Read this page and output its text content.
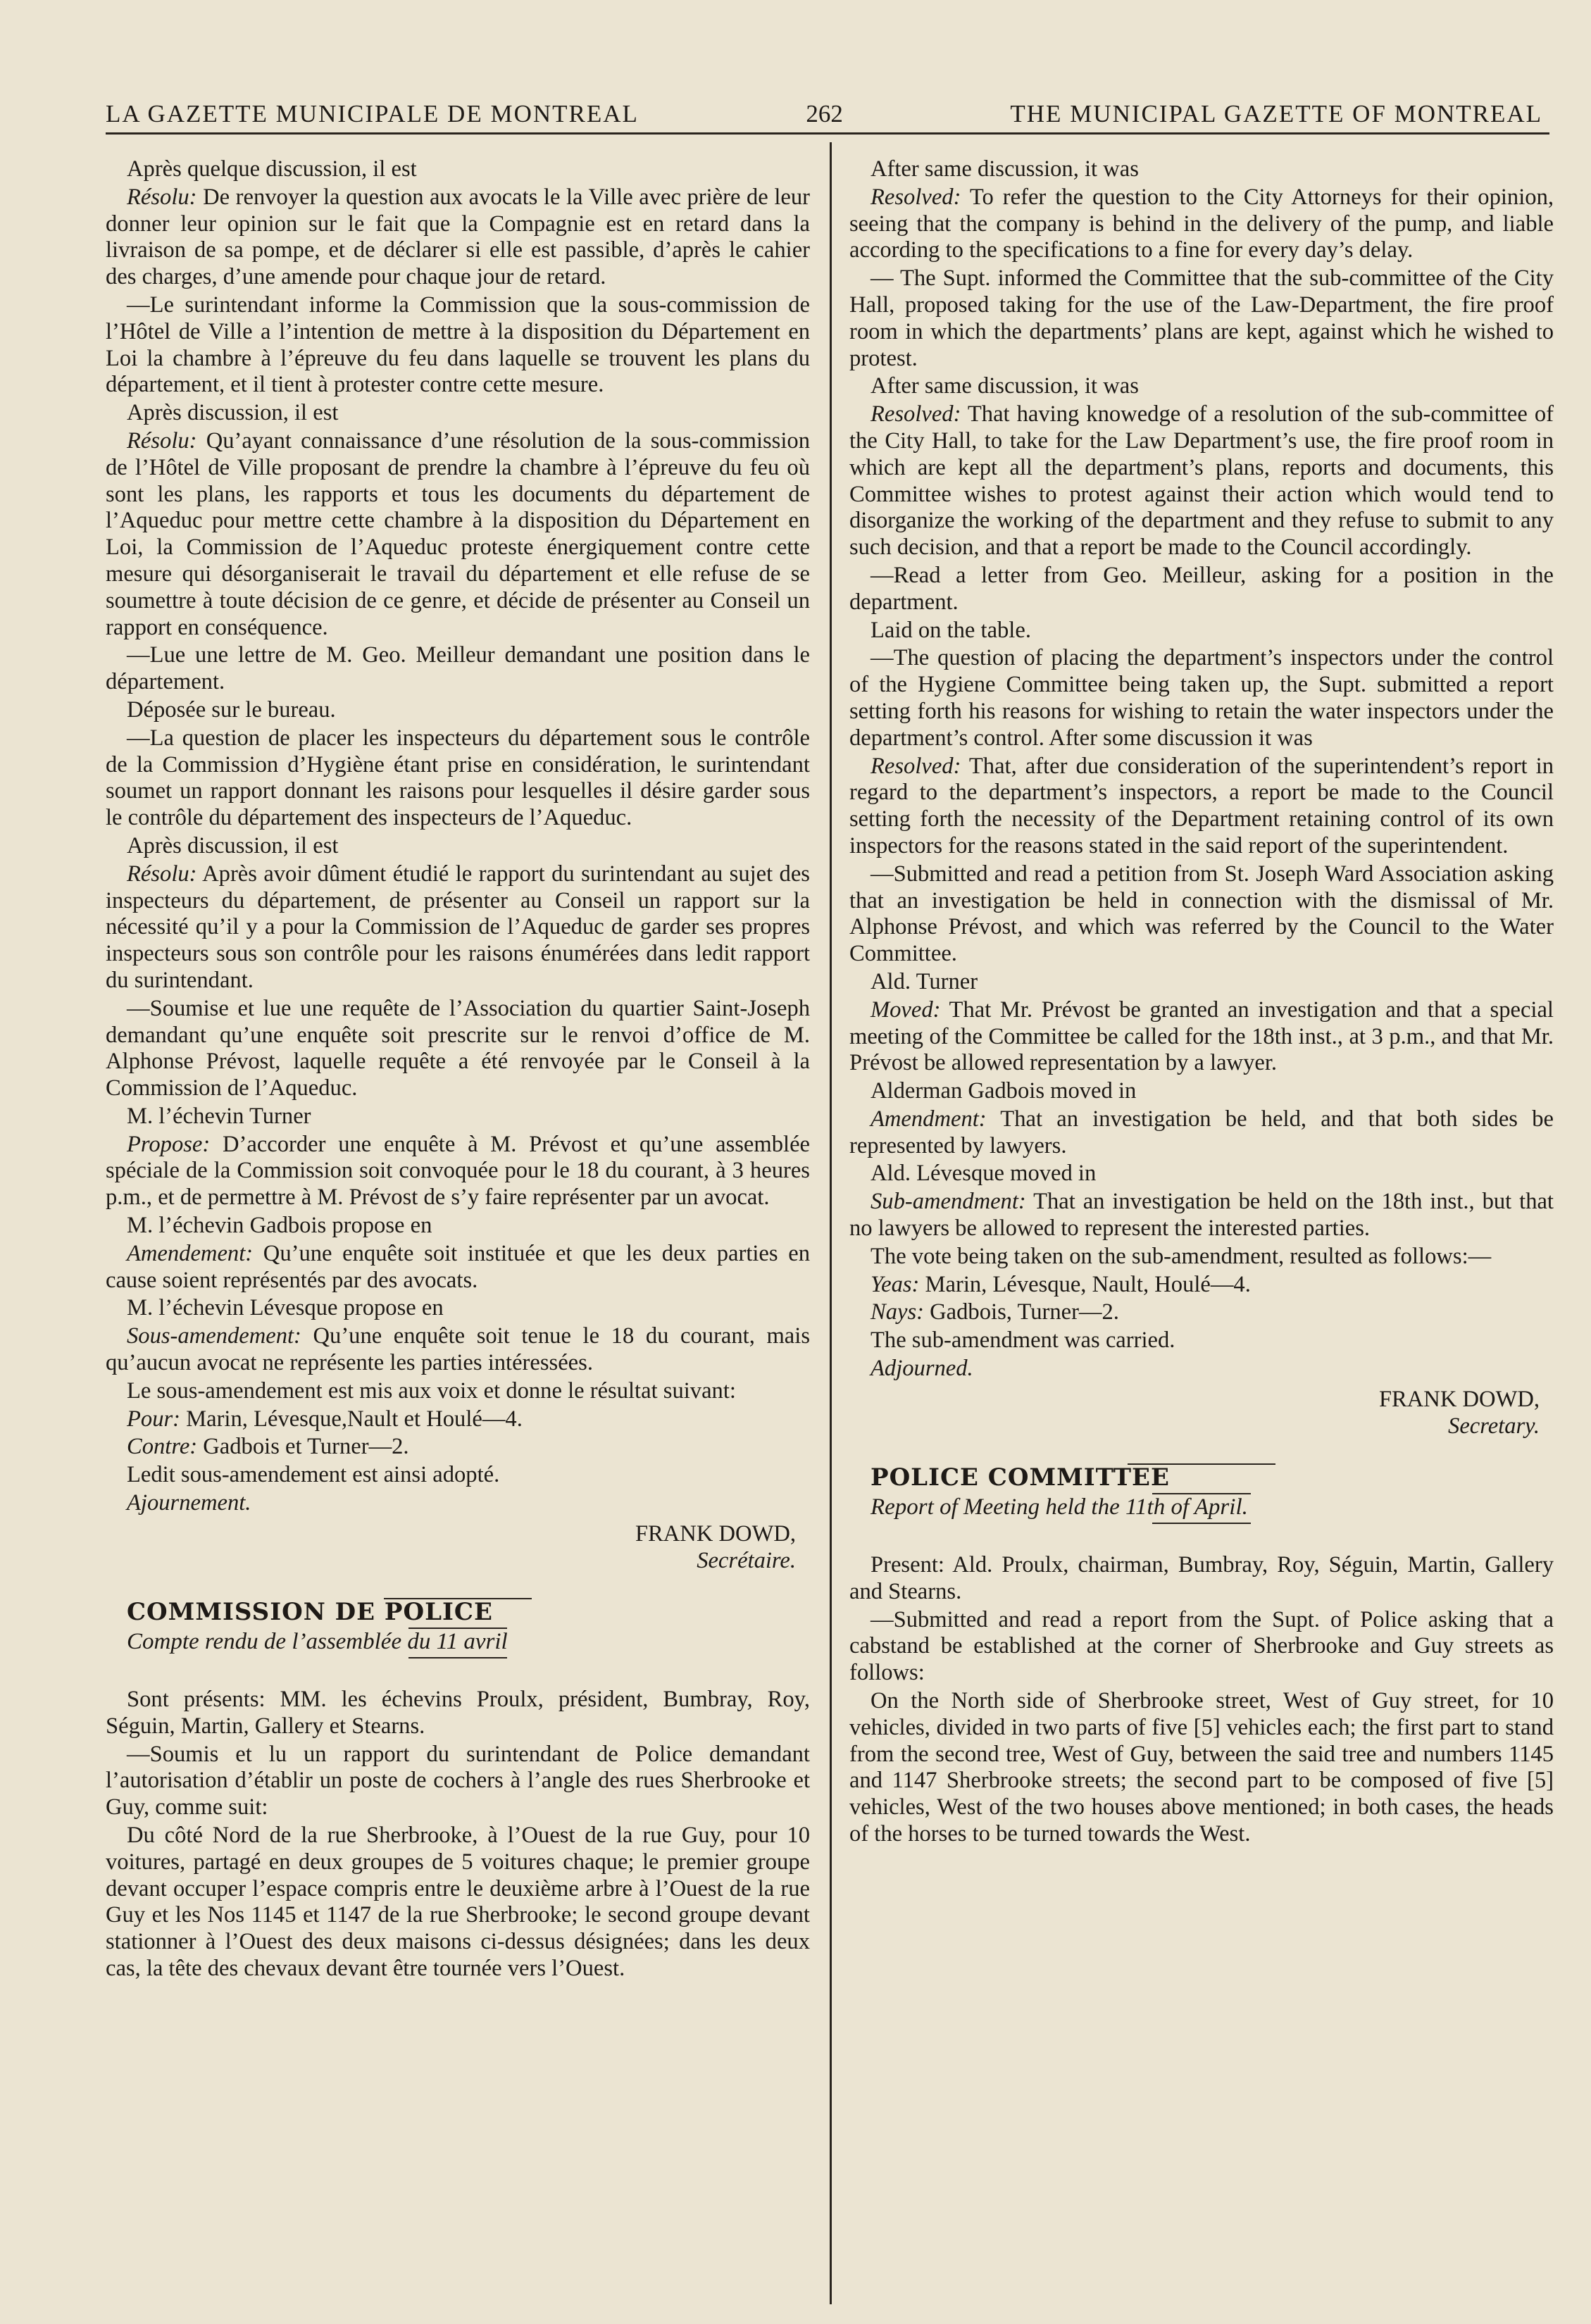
LA GAZETTE MUNICIPALE DE MONTREAL	262	THE MUNICIPAL GAZETTE OF MONTREAL

Après quelque discussion, il est

Résolu: De renvoyer la question aux avocats le la Ville avec prière de leur donner leur opinion sur le fait que la Compagnie est en retard dans la livraison de sa pompe, et de déclarer si elle est passible, d’après le cahier des charges, d’une amende pour chaque jour de retard.

—Le surintendant informe la Commission que la sous-commission de l’Hôtel de Ville a l’intention de mettre à la disposition du Département en Loi la chambre à l’épreuve du feu dans laquelle se trouvent les plans du département, et il tient à protester contre cette mesure.

Après discussion, il est

Résolu: Qu’ayant connaissance d’une résolution de la sous-commission de l’Hôtel de Ville proposant de prendre la chambre à l’épreuve du feu où sont les plans, les rapports et tous les documents du département de l’Aqueduc pour mettre cette chambre à la disposition du Département en Loi, la Commission de l’Aqueduc proteste énergiquement contre cette mesure qui désorganiserait le travail du département et elle refuse de se soumettre à toute décision de ce genre, et décide de présenter au Conseil un rapport en conséquence.

—Lue une lettre de M. Geo. Meilleur demandant une position dans le département.

Déposée sur le bureau.

—La question de placer les inspecteurs du département sous le contrôle de la Commission d’Hygiène étant prise en considération, le surintendant soumet un rapport donnant les raisons pour lesquelles il désire garder sous le contrôle du département des inspecteurs de l’Aqueduc.

Après discussion, il est

Résolu: Après avoir dûment étudié le rapport du surintendant au sujet des inspecteurs du département, de présenter au Conseil un rapport sur la nécessité qu’il y a pour la Commission de l’Aqueduc de garder ses propres inspecteurs sous son contrôle pour les raisons énumérées dans ledit rapport du surintendant.

—Soumise et lue une requête de l’Association du quartier Saint-Joseph demandant qu’une enquête soit prescrite sur le renvoi d’office de M. Alphonse Prévost, laquelle requête a été renvoyée par le Conseil à la Commission de l’Aqueduc.

M. l’échevin Turner

Propose: D’accorder une enquête à M. Prévost et qu’une assemblée spéciale de la Commission soit convoquée pour le 18 du courant, à 3 heures p.m., et de permettre à M. Prévost de s’y faire représenter par un avocat.

M. l’échevin Gadbois propose en

Amendement: Qu’une enquête soit instituée et que les deux parties en cause soient représentés par des avocats.

M. l’échevin Lévesque propose en

Sous-amendement: Qu’une enquête soit tenue le 18 du courant, mais qu’aucun avocat ne représente les parties intéressées.

Le sous-amendement est mis aux voix et donne le résultat suivant:

Pour: Marin, Lévesque,Nault et Houlé—4.

Contre: Gadbois et Turner—2.

Ledit sous-amendement est ainsi adopté.

Ajournement.

FRANK DOWD,
Secrétaire.

COMMISSION DE POLICE

Compte rendu de l’assemblée du 11 avril

Sont présents: MM. les échevins Proulx, président, Bumbray, Roy, Séguin, Martin, Gallery et Stearns.

—Soumis et lu un rapport du surintendant de Police demandant l’autorisation d’établir un poste de cochers à l’angle des rues Sherbrooke et Guy, comme suit:

Du côté Nord de la rue Sherbrooke, à l’Ouest de la rue Guy, pour 10 voitures, partagé en deux groupes de 5 voitures chaque; le premier groupe devant occuper l’espace compris entre le deuxième arbre à l’Ouest de la rue Guy et les Nos 1145 et 1147 de la rue Sherbrooke; le second groupe devant stationner à l’Ouest des deux maisons ci-dessus désignées; dans les deux cas, la tête des chevaux devant être tournée vers l’Ouest.

After same discussion, it was

Resolved: To refer the question to the City Attorneys for their opinion, seeing that the company is behind in the delivery of the pump, and liable according to the specifications to a fine for every day’s delay.

— The Supt. informed the Committee that the sub-committee of the City Hall, proposed taking for the use of the Law-Department, the fire proof room in which the departments’ plans are kept, against which he wished to protest.

After same discussion, it was

Resolved: That having knowedge of a resolution of the sub-committee of the City Hall, to take for the Law Department’s use, the fire proof room in which are kept all the department’s plans, reports and documents, this Committee wishes to protest against their action which would tend to disorganize the working of the department and they refuse to submit to any such decision, and that a report be made to the Council accordingly.

—Read a letter from Geo. Meilleur, asking for a position in the department.

Laid on the table.

—The question of placing the department’s inspectors under the control of the Hygiene Committee being taken up, the Supt. submitted a report setting forth his reasons for wishing to retain the water inspectors under the department’s control. After some discussion it was

Resolved: That, after due consideration of the superintendent’s report in regard to the department’s inspectors, a report be made to the Council setting forth the necessity of the Department retaining control of its own inspectors for the reasons stated in the said report of the superintendent.

—Submitted and read a petition from St. Joseph Ward Association asking that an investigation be held in connection with the dismissal of Mr. Alphonse Prévost, and which was referred by the Council to the Water Committee.

Ald. Turner

Moved: That Mr. Prévost be granted an investigation and that a special meeting of the Committee be called for the 18th inst., at 3 p.m., and that Mr. Prévost be allowed representation by a lawyer.

Alderman Gadbois moved in

Amendment: That an investigation be held, and that both sides be represented by lawyers.

Ald. Lévesque moved in

Sub-amendment: That an investigation be held on the 18th inst., but that no lawyers be allowed to represent the interested parties.

The vote being taken on the sub-amendment, resulted as follows:—

Yeas: Marin, Lévesque, Nault, Houlé—4.

Nays: Gadbois, Turner—2.

The sub-amendment was carried.

Adjourned.

FRANK DOWD,
Secretary.

POLICE COMMITTEE

Report of Meeting held the 11th of April.

Present: Ald. Proulx, chairman, Bumbray, Roy, Séguin, Martin, Gallery and Stearns.

—Submitted and read a report from the Supt. of Police asking that a cabstand be established at the corner of Sherbrooke and Guy streets as follows:

On the North side of Sherbrooke street, West of Guy street, for 10 vehicles, divided in two parts of five [5] vehicles each; the first part to stand from the second tree, West of Guy, between the said tree and numbers 1145 and 1147 Sherbrooke streets; the second part to be composed of five [5] vehicles, West of the two houses above mentioned; in both cases, the heads of the horses to be turned towards the West.
